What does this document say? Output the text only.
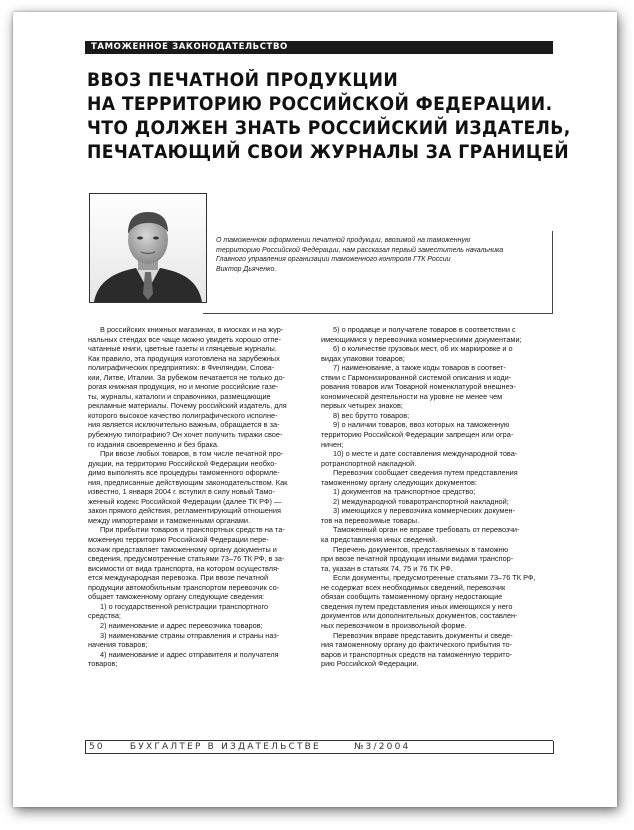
ТАМОЖЕННОЕ ЗАКОНОДАТЕЛЬСТВО
ВВОЗ ПЕЧАТНОЙ ПРОДУКЦИИ
НА ТЕРРИТОРИЮ РОССИЙСКОЙ ФЕДЕРАЦИИ.
ЧТО ДОЛЖЕН ЗНАТЬ РОССИЙСКИЙ ИЗДАТЕЛЬ,
ПЕЧАТАЮЩИЙ СВОИ ЖУРНАЛЫ ЗА ГРАНИЦЕЙ
О таможенном оформлении печатной продукции, ввозимой на таможенную
территорию Российской Федерации, нам рассказал первый заместитель начальника
Главного управления организации таможенного контроля ГТК России
Виктор Дьяченко.
В российских книжных магазинах, в киосках и на жур-
нальных стендах все чаще можно увидеть хорошо отпе-
чатанные книги, цветные газеты и глянцевые журналы.
Как правило, эта продукция изготовлена на зарубежных
полиграфических предприятиях: в Финляндии, Слова-
кии, Литве, Италии. За рубежом печатается не только до-
рогая книжная продукция, но и многие российские газе-
ты, журналы, каталоги и справочники, размещающие
рекламные материалы. Почему российский издатель, для
которого высокое качество полиграфического исполне-
ния является исключительно важным, обращается в за-
рубежную типографию? Он хочет получить тиражи свое-
го издания своевременно и без брака.
При ввозе любых товаров, в том числе печатной про-
дукции, на территорию Российской Федерации необхо-
димо выполнять все процедуры таможенного оформле-
ния, предписанные действующим законодательством. Как
известно, 1 января 2004 г. вступил в силу новый Тамо-
женный кодекс Российской Федерации (далее ТК РФ) —
закон прямого действия, регламентирующий отношения
между импортерами и таможенными органами.
При прибытии товаров и транспортных средств на та-
моженную территорию Российской Федерации пере-
возчик представляет таможенному органу документы и
сведения, предусмотренные статьями 73–76 ТК РФ, в за-
висимости от вида транспорта, на котором осуществля-
ется международная перевозка. При ввозе печатной
продукции автомобильным транспортом перевозчик со-
общает таможенному органу следующие сведения:
1) о государственной регистрации транспортного
средства;
2) наименование и адрес перевозчика товаров;
3) наименование страны отправления и страны наз-
начения товаров;
4) наименование и адрес отправителя и получателя
товаров;
5) о продавце и получателе товаров в соответствии с
имеющимися у перевозчика коммерческими документами;
6) о количестве грузовых мест, об их маркировке и о
видах упаковки товаров;
7) наименование, а также коды товаров в соответ-
ствии с Гармонизированной системой описания и коди-
рования товаров или Товарной номенклатурой внешнеэ-
кономической деятельности на уровне не менее чем
первых четырех знаков;
8) вес брутто товаров;
9) о наличии товаров, ввоз которых на таможенную
территорию Российской Федерации запрещен или огра-
ничен;
10) о месте и дате составления международной това-
ротранспортной накладной.
Перевозчик сообщает сведения путем представления
таможенному органу следующих документов:
1) документов на транспортное средство;
2) международной товаротранспортной накладной;
3) имеющихся у перевозчика коммерческих докумен-
тов на перевозимые товары.
Таможенный орган не вправе требовать от перевозчи-
ка представления иных сведений.
Перечень документов, представляемых в таможню
при ввозе печатной продукции иными видами транспор-
та, указан в статьях 74, 75 и 76 ТК РФ.
Если документы, предусмотренные статьями 73–76 ТК РФ,
не содержат всех необходимых сведений, перевозчик
обязан сообщить таможенному органу недостающие
сведения путем представления иных имеющихся у него
документов или дополнительных документов, составлен-
ных перевозчиком в произвольной форме.
Перевозчик вправе представить документы и сведе-
ния таможенному органу до фактического прибытия то-
варов и транспортных средств на таможенную террито-
рию Российской Федерации.
50	БУХГАЛТЕР В ИЗДАТЕЛЬСТВЕ	№3/2004
